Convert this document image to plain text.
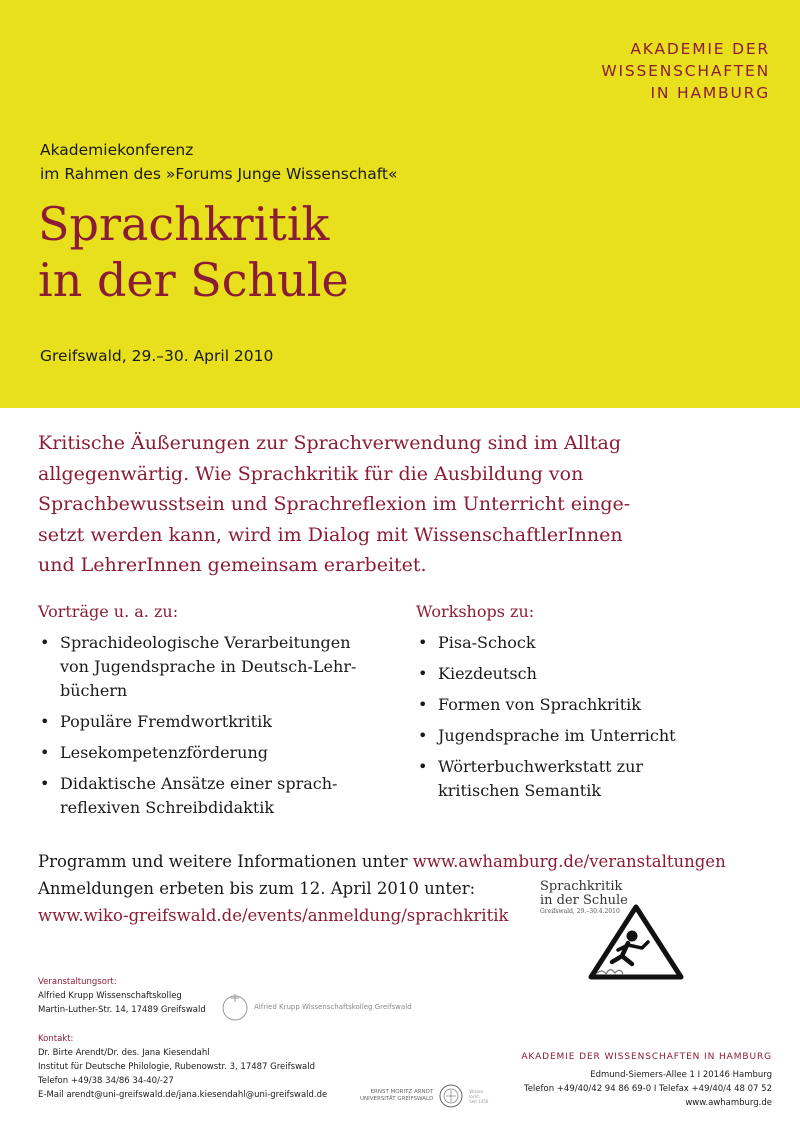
AKADEMIE DER
WISSENSCHAFTEN
IN HAMBURG
Akademiekonferenz
im Rahmen des »Forums Junge Wissenschaft«
Sprachkritik
in der Schule
Greifswald, 29.–30. April 2010
Kritische Äußerungen zur Sprachverwendung sind im Alltag
allgegenwärtig. Wie Sprachkritik für die Ausbildung von
Sprachbewusstsein und Sprachreflexion im Unterricht einge-
setzt werden kann, wird im Dialog mit WissenschaftlerInnen
und LehrerInnen gemeinsam erarbeitet.
Vorträge u. a. zu:
• Sprachideologische Verarbeitungen
von Jugendsprache in Deutsch-Lehr-
büchern
• Populäre Fremdwortkritik
• Lesekompetenzförderung
• Didaktische Ansätze einer sprach-
reflexiven Schreibdidaktik
Workshops zu:
• Pisa-Schock
• Kiezdeutsch
• Formen von Sprachkritik
• Jugendsprache im Unterricht
• Wörterbuchwerkstatt zur
kritischen Semantik
Programm und weitere Informationen unter www.awhamburg.de/veranstaltungen
Anmeldungen erbeten bis zum 12. April 2010 unter:
www.wiko-greifswald.de/events/anmeldung/sprachkritik
Sprachkritik
in der Schule
Greifswald, 29.–30.4.2010
Veranstaltungsort:
Alfried Krupp Wissenschaftskolleg
Martin-Luther-Str. 14, 17489 Greifswald	Alfried Krupp Wissenschaftskolleg Greifswald
Kontakt:
Dr. Birte Arendt/Dr. des. Jana Kiesendahl
Institut für Deutsche Philologie, Rubenowstr. 3, 17487 Greifswald
Telefon +49/38 34/86 34-40/-27
E-Mail arendt@uni-greifswald.de/jana.kiesendahl@uni-greifswald.de	ERNST MORITZ ARNDT
UNIVERSITÄT GREIFSWALD
Wissen
lockt.
Seit 1456
AKADEMIE DER WISSENSCHAFTEN IN HAMBURG
Edmund-Siemers-Allee 1 I 20146 Hamburg
Telefon +49/40/42 94 86 69-0 I Telefax +49/40/4 48 07 52
www.awhamburg.de
